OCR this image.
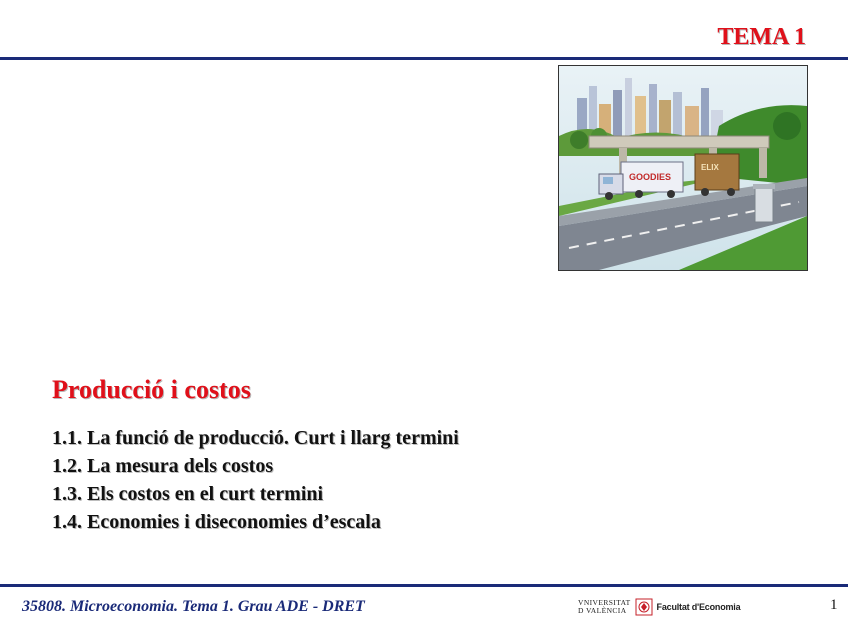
TEMA 1
GOODIES
ELIX
Producció i costos
1.1. La funció de producció. Curt i llarg termini
1.2. La mesura dels costos
1.3. Els costos en el curt termini
1.4. Economies i diseconomies d’escala
35808. Microeconomia. Tema 1. Grau ADE - DRET	VNIVERSITAT
D VALÈNCIA	Facultat d'Economia	1
